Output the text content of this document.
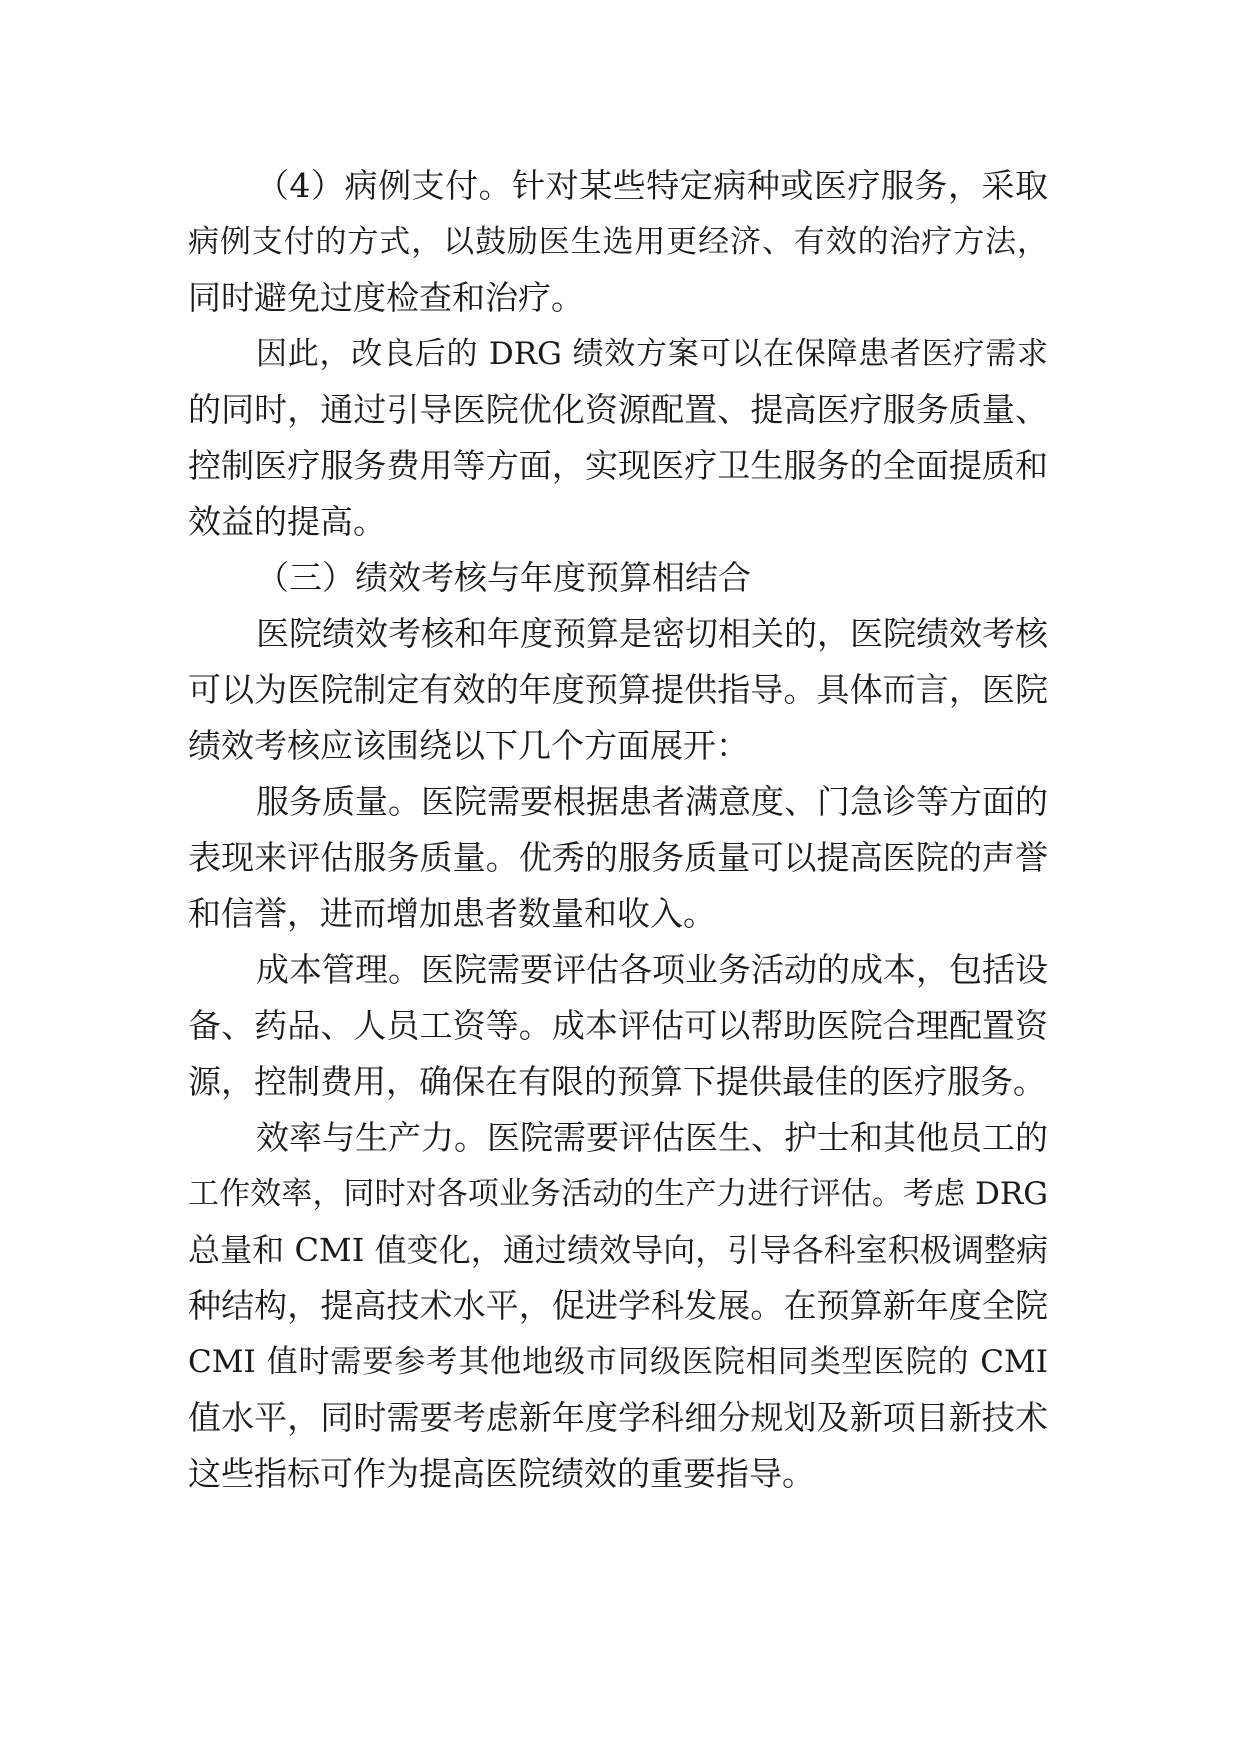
（4）病例支付。针对某些特定病种或医疗服务，采取
病例支付的方式，以鼓励医生选用更经济、有效的治疗方法，
同时避免过度检查和治疗。
因此，改良后的 DRG 绩效方案可以在保障患者医疗需求
的同时，通过引导医院优化资源配置、提高医疗服务质量、
控制医疗服务费用等方面，实现医疗卫生服务的全面提质和
效益的提高。
（三）绩效考核与年度预算相结合
医院绩效考核和年度预算是密切相关的，医院绩效考核
可以为医院制定有效的年度预算提供指导。具体而言，医院
绩效考核应该围绕以下几个方面展开：
服务质量。医院需要根据患者满意度、门急诊等方面的
表现来评估服务质量。优秀的服务质量可以提高医院的声誉
和信誉，进而增加患者数量和收入。
成本管理。医院需要评估各项业务活动的成本，包括设
备、药品、人员工资等。成本评估可以帮助医院合理配置资
源，控制费用，确保在有限的预算下提供最佳的医疗服务。
效率与生产力。医院需要评估医生、护士和其他员工的
工作效率，同时对各项业务活动的生产力进行评估。考虑 DRG
总量和 CMI 值变化，通过绩效导向，引导各科室积极调整病
种结构，提高技术水平，促进学科发展。在预算新年度全院
CMI 值时需要参考其他地级市同级医院相同类型医院的 CMI
值水平，同时需要考虑新年度学科细分规划及新项目新技术
这些指标可作为提高医院绩效的重要指导。
